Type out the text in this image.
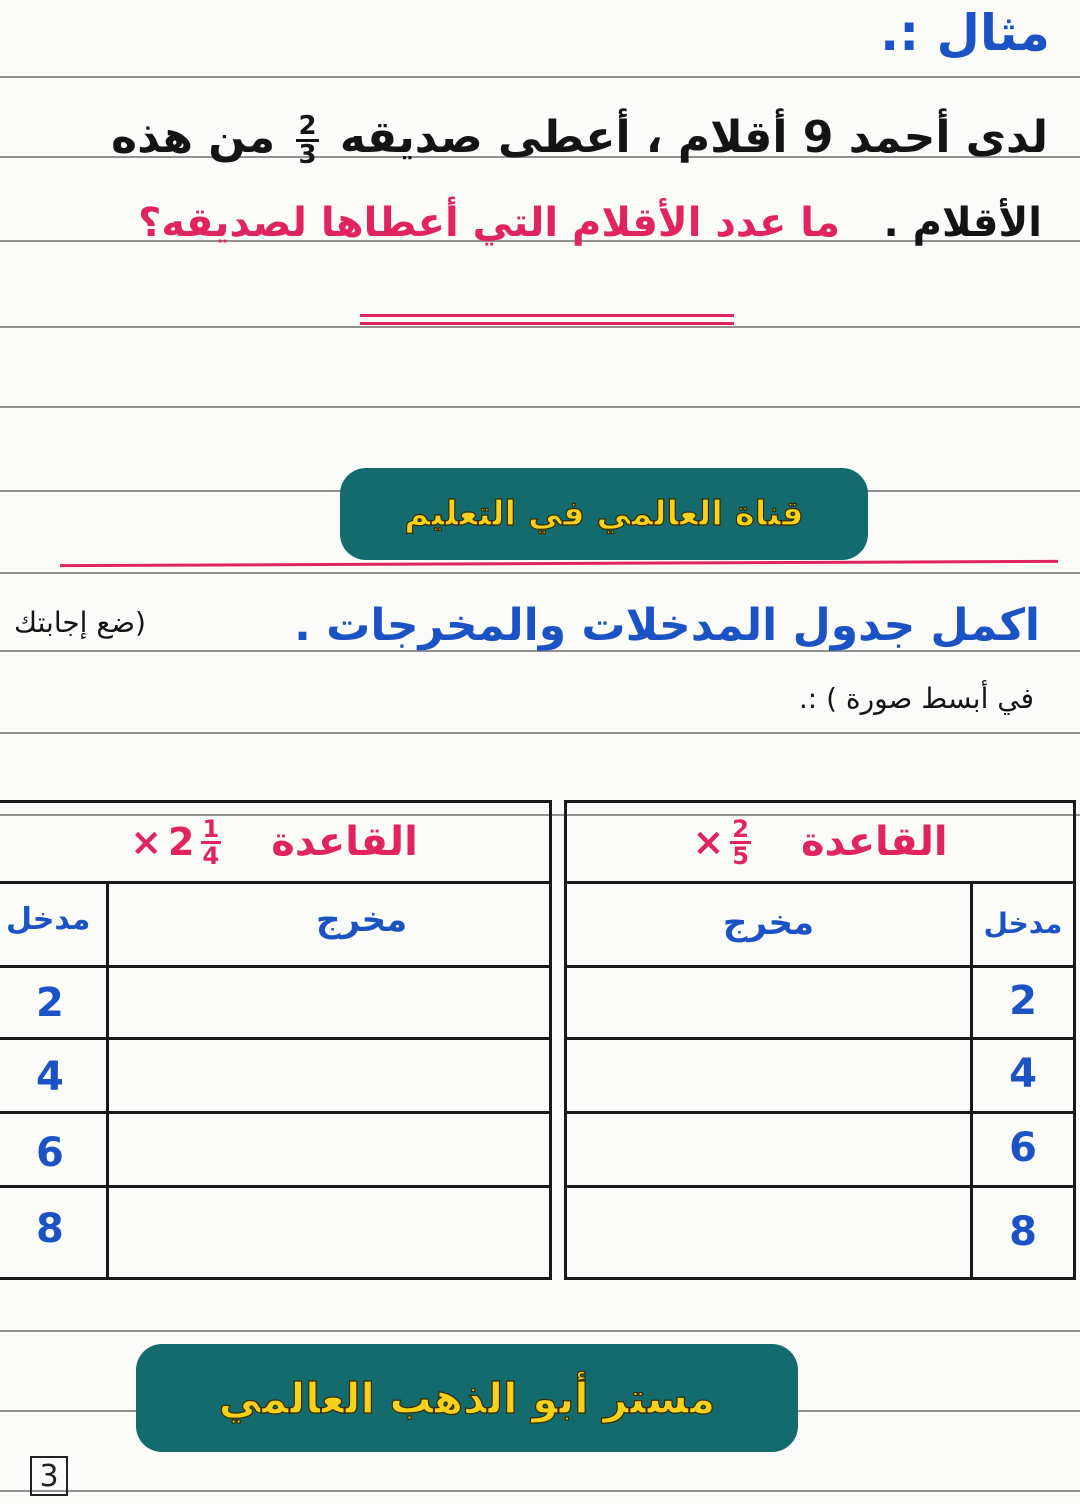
مثال :.
لدى أحمد 9 أقلام ، أعطى صديقه
$\frac{2}{3}$
من هذه
الأقلام .
ما عدد الأقلام التي أعطاها لصديقه؟
قناة العالمي في التعليم
اكمل جدول المدخلات والمخرجات .
(ضع إجابتك
في أبسط صورة ) :.
القاعدة
× $\frac{2}{5}$
مدخل
مخرج
2
4
6
8
القاعدة
× $2 \frac{1}{4}$
مدخل	مخرج
2
4
6
8
مستر أبو الذهب العالمي
3
